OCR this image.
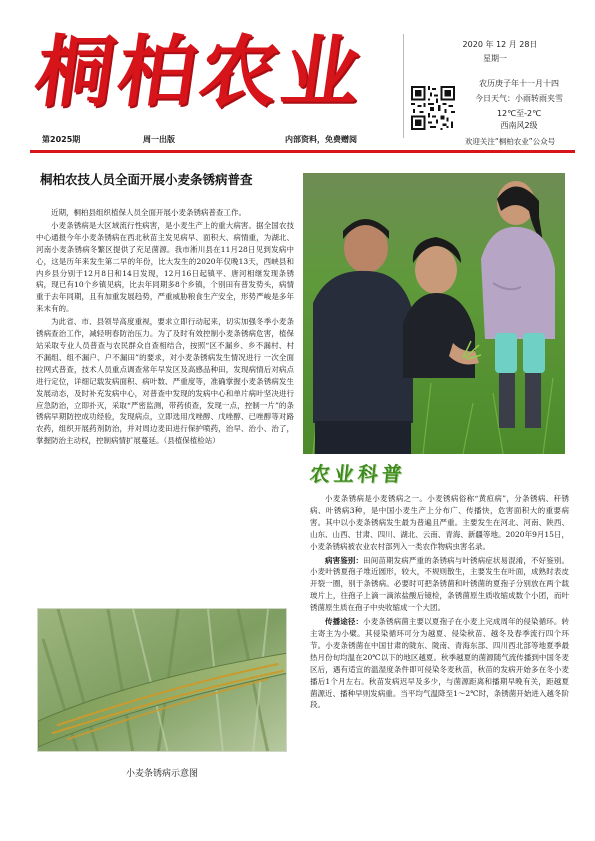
桐柏农业	2020 年 12 月 28日
星期一
农历庚子年十一月十四
今日天气：小雨转雨夹雪
12℃至-2℃
西南风2级
欢迎关注“桐柏农业”公众号
第2025期	周一出版	内部资料，免费赠阅
桐柏农技人员全面开展小麦条锈病普查

近期，桐柏县组织植保人员全面开展小麦条锈病普查工作。

小麦条锈病是大区域流行性病害，是小麦生产上的重大病害。据全国农技中心通报今年小麦条锈病在西北秋苗主发见病早、面积大、病情重，为湖北、河南小麦条锈病冬繁区提供了充足菌源。我市淅川县在11月28日见到发病中心，这是历年来发生第二早的年份，比大发生的2020年仅晚13天，西峡县和内乡县分别于12月8日和14日发现，12月16日起镇平、唐河相继发现条锈病，现已有10个乡镇见病，比去年同期多8个乡镇，个别田有普发势头，病情重于去年同期，且有加重发展趋势，严重威胁粮食生产安全，形势严峻是多年来未有的。

为此省、市、县领导高度重视，要求立即行动起来，切实加强冬季小麦条锈病查治工作，减轻明春防治压力。为了及时有效控制小麦条锈病危害，植保站采取专业人员普查与农民群众自查相结合，按照“区不漏乡、乡不漏村、村不漏组、组不漏户、户不漏田”的要求，对小麦条锈病发生情况进行 一次全面拉网式普查，技术人员重点调查常年早发区及高感品种田，发现病情后对病点进行定位，详细记载发病面积、病叶数、严重度等，准确掌握小麦条锈病发生发展动态，及时补充发病中心，对普查中发现的发病中心和单片病叶坚决进行应急防治，立即扑灭，采取“严密监测，带药侦查，发现一点，控制一片”的条锈病早期防控成功经验，发现病点，立即选用戊唑醇、戊唑醇、已唑醇等对路农药，组织开展药剂防治，并对周边麦田进行保护喷药，治早、治小、治了， 掌握防治主动权，控制病情扩展蔓延。（县植保植检站）

小麦条锈病示意图
农业科普

小麦条锈病是小麦锈病之一。小麦锈病俗称“黄疸病”，分条锈病、秆锈病、叶锈病3种，是中国小麦生产上分布广、传播快，危害面积大的重要病害。其中以小麦条锈病发生最为普遍且严重。主要发生在河北、河南、陕西、山东、山西、甘肃、四川、湖北、云南、青海、新疆等地。2020年9月15日，小麦条锈病被农业农村部列入一类农作物病虫害名录。

病害鉴别：田间苗期发病严重的条锈病与叶锈病症状易混淆，不好鉴别。小麦叶锈夏孢子堆近圆形，较大，不规则散生，主要发生在叶面，成熟时表皮开裂一圈，别于条锈病。必要时可把条锈菌和叶锈菌的夏孢子分别放在两个载玻片上，往孢子上滴一滴浓盐酸后镜检，条锈菌原生质收缩成数个小团，而叶锈菌原生质在孢子中央收缩成一个大团。

传播途径：小麦条锈病菌主要以夏孢子在小麦上完成周年的侵染循环。转主寄主为小檗。其侵染循环可分为越夏、侵染秋苗、越冬及春季流行四个环节。小麦条锈菌在中国甘肃的陇东、陇南、青海东部、四川西北部等地夏季最热月份旬均温在20℃以下的地区越夏。秋季越夏的菌源随气流传播到中国冬麦区后，遇有适宜的温湿度条件即可侵染冬麦秋苗，秋苗的发病开始多在冬小麦播后1个月左右。秋苗发病迟早及多少，与菌源距离和播期早晚有关，距越夏菌源近、播种早则发病重。当平均气温降至1～2℃时，条锈菌开始进入越冬阶段。
